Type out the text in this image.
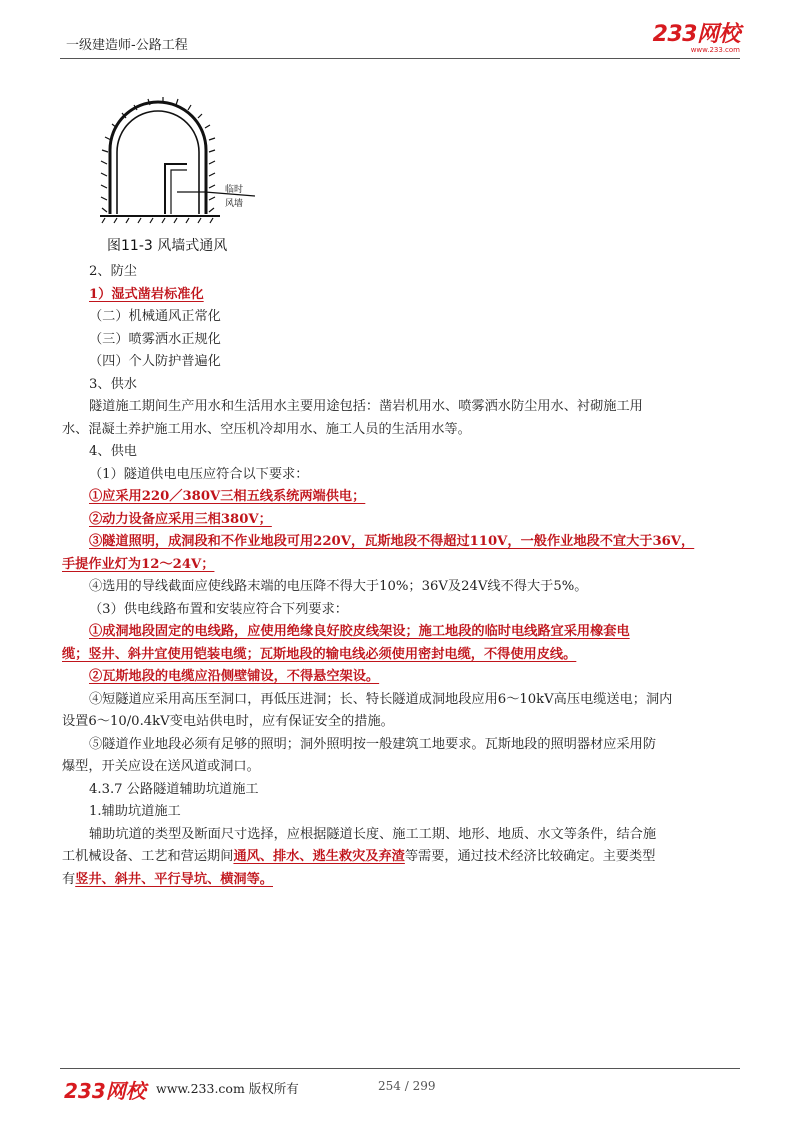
一级建造师-公路工程	233网校
www.233.com
临时
风墙
图11-3 风墙式通风
2、防尘
1）湿式凿岩标准化
（二）机械通风正常化
（三）喷雾洒水正规化
（四）个人防护普遍化
3、供水
隧道施工期间生产用水和生活用水主要用途包括：凿岩机用水、喷雾洒水防尘用水、衬砌施工用
水、混凝土养护施工用水、空压机冷却用水、施工人员的生活用水等。
4、供电
（1）隧道供电电压应符合以下要求：
①应采用220／380V三相五线系统两端供电；
②动力设备应采用三相380V；
③隧道照明，成洞段和不作业地段可用220V，瓦斯地段不得超过110V，一般作业地段不宜大于36V，
手提作业灯为12～24V；
④选用的导线截面应使线路末端的电压降不得大于10%；36V及24V线不得大于5%。
（3）供电线路布置和安装应符合下列要求：
①成洞地段固定的电线路，应使用绝缘良好胶皮线架设；施工地段的临时电线路宜采用橡套电
缆；竖井、斜井宜使用铠装电缆；瓦斯地段的输电线必须使用密封电缆，不得使用皮线。
②瓦斯地段的电缆应沿侧壁铺设，不得悬空架设。
④短隧道应采用高压至洞口，再低压进洞；长、特长隧道成洞地段应用6～10kV高压电缆送电；洞内
设置6～10/0.4kV变电站供电时，应有保证安全的措施。
⑤隧道作业地段必须有足够的照明；洞外照明按一般建筑工地要求。瓦斯地段的照明器材应采用防
爆型，开关应设在送风道或洞口。
4.3.7 公路隧道辅助坑道施工
1.辅助坑道施工
辅助坑道的类型及断面尺寸选择，应根据隧道长度、施工工期、地形、地质、水文等条件，结合施
工机械设备、工艺和营运期间通风、排水、逃生救灾及弃渣等需要，通过技术经济比较确定。主要类型
有竖井、斜井、平行导坑、横洞等。
233网校 www.233.com 版权所有	254 / 299
